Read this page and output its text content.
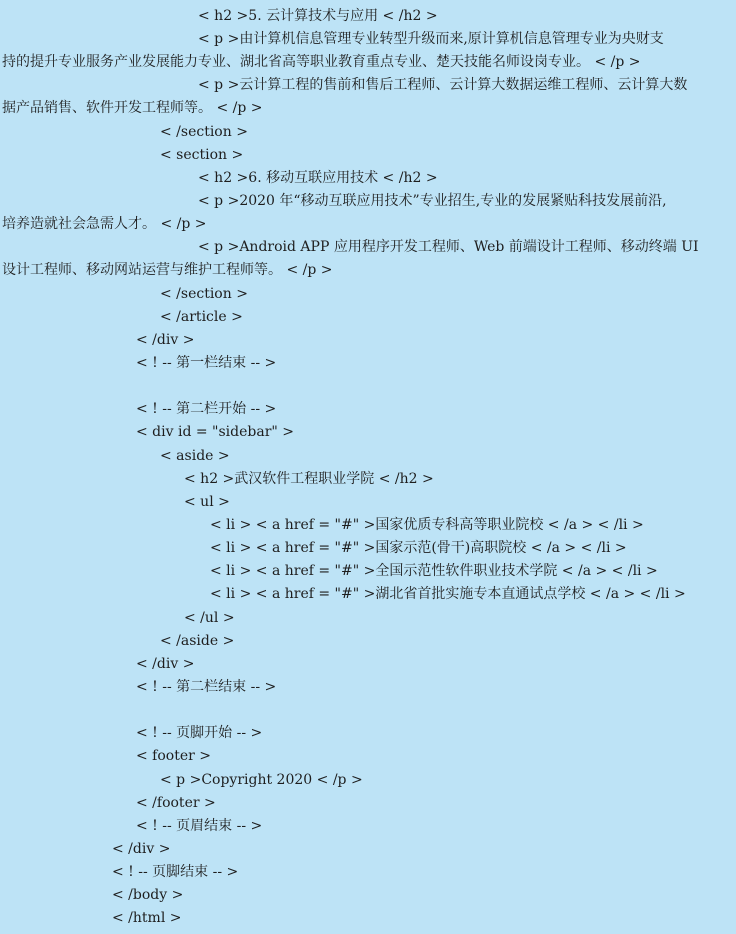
< h2 >5. 云计算技术与应用 < /h2 >
< p >由计算机信息管理专业转型升级而来,原计算机信息管理专业为央财支
持的提升专业服务产业发展能力专业、湖北省高等职业教育重点专业、楚天技能名师设岗专业。 < /p >
< p >云计算工程的售前和售后工程师、云计算大数据运维工程师、云计算大数
据产品销售、软件开发工程师等。 < /p >
< /section >
< section >
< h2 >6. 移动互联应用技术 < /h2 >
< p >2020 年“移动互联应用技术”专业招生,专业的发展紧贴科技发展前沿,
培养造就社会急需人才。 < /p >
< p >Android APP 应用程序开发工程师、Web 前端设计工程师、移动终端 UI
设计工程师、移动网站运营与维护工程师等。 < /p >
< /section >
< /article >
< /div >
< ! -- 第一栏结束 -- >
< ! -- 第二栏开始 -- >
< div id = "sidebar" >
< aside >
< h2 >武汉软件工程职业学院 < /h2 >
< ul >
< li > < a href = "#" >国家优质专科高等职业院校 < /a > < /li >
< li > < a href = "#" >国家示范(骨干)高职院校 < /a > < /li >
< li > < a href = "#" >全国示范性软件职业技术学院 < /a > < /li >
< li > < a href = "#" >湖北省首批实施专本直通试点学校 < /a > < /li >
< /ul >
< /aside >
< /div >
< ! -- 第二栏结束 -- >
< ! -- 页脚开始 -- >
< footer >
< p >Copyright 2020 < /p >
< /footer >
< ! -- 页眉结束 -- >
< /div >
< ! -- 页脚结束 -- >
< /body >
< /html >
